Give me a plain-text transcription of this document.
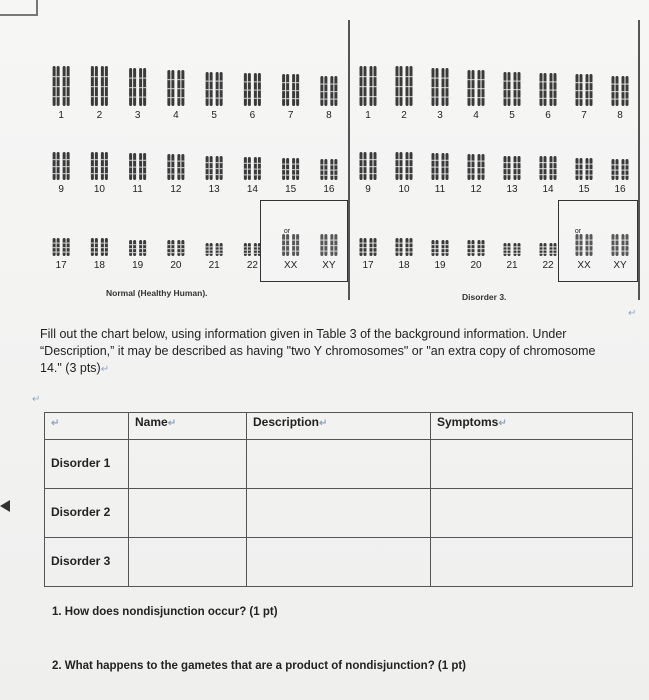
or
1	2	3	4	5	6	7	8
9	10	11	12	13	14	15	16
17	18	19	20	21	22	XX	XY
Normal (Healthy Human).
or
1	2	3	4	5	6	7	8
9	10	11	12	13	14	15	16
17	18	19	20	21	22	XX	XY
Disorder 3.
↵
Fill out the chart below, using information given in Table 3 of the background information. Under “Description,” it may be described as having "two Y chromosomes" or "an extra copy of chromosome 14." (3 pts)↵
↵
↵	Name↵	Description↵	Symptoms↵

Disorder 1			

Disorder 2			

Disorder 3			

1. How does nondisjunction occur? (1 pt)
2. What happens to the gametes that are a product of nondisjunction? (1 pt)
